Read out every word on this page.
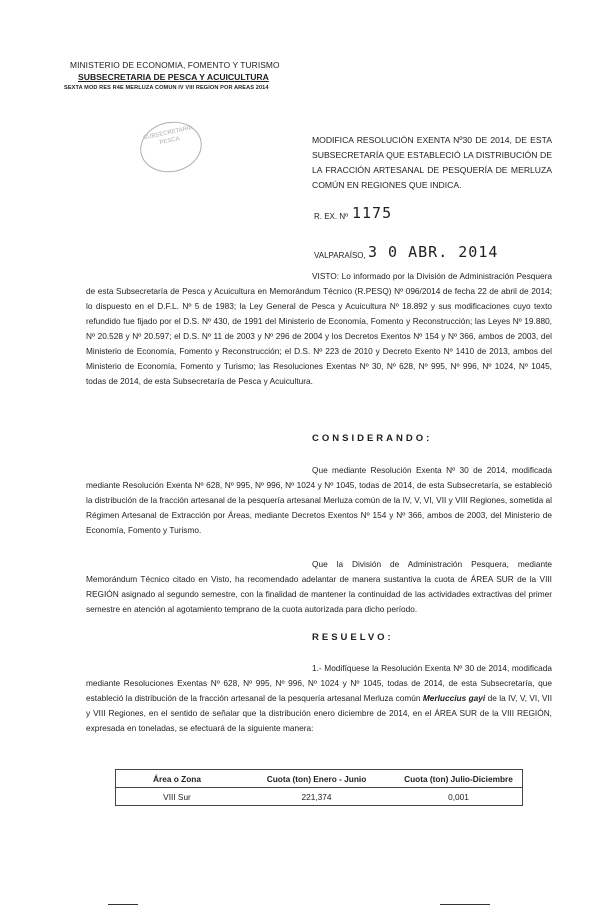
MINISTERIO DE ECONOMIA, FOMENTO Y TURISMO
SUBSECRETARIA DE PESCA Y ACUICULTURA
SEXTA MOD RES R4E MERLUZA COMUN IV VIII REGION POR AREAS 2014
SUBSECRETARIA PESCA	MODIFICA RESOLUCIÓN EXENTA Nº30 DE 2014, DE ESTA SUBSECRETARÍA QUE ESTABLECIÓ LA DISTRIBUCIÓN DE LA FRACCIÓN ARTESANAL DE PESQUERÍA DE MERLUZA COMÚN EN REGIONES QUE INDICA.
R. EX. Nº 1175
VALPARAÍSO, 3 0 ABR. 2014
VISTO: Lo informado por la División de Administración Pesquera de esta Subsecretaría de Pesca y Acuicultura en Memorándum Técnico (R.PESQ) Nº 096/2014 de fecha 22 de abril de 2014; lo dispuesto en el D.F.L. Nº 5 de 1983; la Ley General de Pesca y Acuicultura Nº 18.892 y sus modificaciones cuyo texto refundido fue fijado por el D.S. Nº 430, de 1991 del Ministerio de Economía, Fomento y Reconstrucción; las Leyes Nº 19.880, Nº 20.528 y Nº 20.597; el D.S. Nº 11 de 2003 y Nº 296 de 2004 y los Decretos Exentos Nº 154 y Nº 366, ambos de 2003, del Ministerio de Economía, Fomento y Reconstrucción; el D.S. Nº 223 de 2010 y Decreto Exento Nº 1410 de 2013, ambos del Ministerio de Economía, Fomento y Turismo; las Resoluciones Exentas Nº 30, Nº 628, Nº 995, Nº 996, Nº 1024, Nº 1045, todas de 2014, de esta Subsecretaría de Pesca y Acuicultura.
CONSIDERANDO:
Que mediante Resolución Exenta Nº 30 de 2014, modificada mediante Resolución Exenta Nº 628, Nº 995, Nº 996, Nº 1024 y Nº 1045, todas de 2014, de esta Subsecretaría, se estableció la distribución de la fracción artesanal de la pesquería artesanal Merluza común de la IV, V, VI, VII y VIII Regiones, sometida al Régimen Artesanal de Extracción por Áreas, mediante Decretos Exentos Nº 154 y Nº 366, ambos de 2003, del Ministerio de Economía, Fomento y Turismo.
Que la División de Administración Pesquera, mediante Memorándum Técnico citado en Visto, ha recomendado adelantar de manera sustantiva la cuota de ÁREA SUR de la VIII REGIÓN asignado al segundo semestre, con la finalidad de mantener la continuidad de las actividades extractivas del primer semestre en atención al agotamiento temprano de la cuota autorizada para dicho período.
RESUELVO:
1.- Modifíquese la Resolución Exenta Nº 30 de 2014, modificada mediante Resoluciones Exentas Nº 628, Nº 995, Nº 996, Nº 1024 y Nº 1045, todas de 2014, de esta Subsecretaría, que estableció la distribución de la fracción artesanal de la pesquería artesanal Merluza común Merluccius gayi de la IV, V, VI, VII y VIII Regiones, en el sentido de señalar que la distribución enero diciembre de 2014, en el ÁREA SUR de la VIII REGIÓN, expresada en toneladas, se efectuará de la siguiente manera:
Área o Zona	Cuota (ton) Enero - Junio	Cuota (ton) Julio-Diciembre
VIII Sur	221,374	0,001
